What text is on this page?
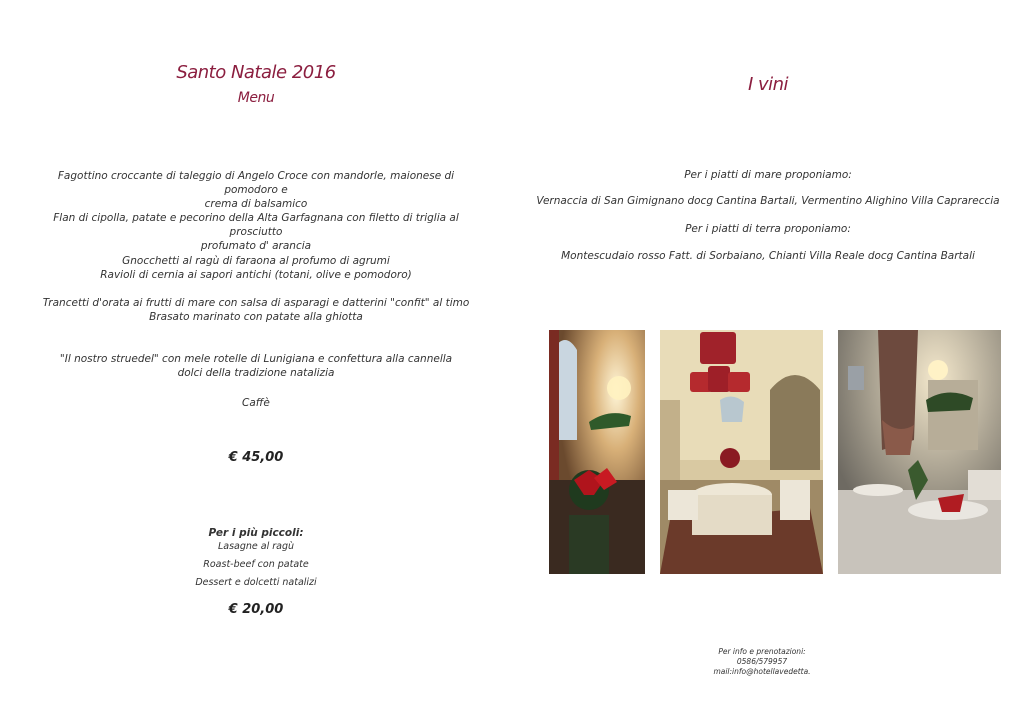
Santo Natale 2016
Menu
Fagottino croccante di taleggio di Angelo Croce con mandorle, maionese di pomodoro e
crema di balsamico
Flan di cipolla, patate e pecorino della Alta Garfagnana con filetto di triglia al prosciutto
profumato d' arancia
Gnocchetti al ragù di faraona al profumo di agrumi
Ravioli di cernia ai sapori antichi (totani, olive e pomodoro)
Trancetti d'orata ai frutti di mare con salsa di asparagi e datterini "confit" al timo
Brasato marinato con patate alla ghiotta
"Il nostro struedel" con mele rotelle di Lunigiana e confettura alla cannella
dolci della tradizione natalizia
Caffè
€ 45,00
Per i più piccoli:
Lasagne al ragù
Roast-beef con patate
Dessert e dolcetti natalizi
€ 20,00
I vini
Per i piatti di mare proponiamo:
Vernaccia di San Gimignano docg Cantina Bartali, Vermentino Alighino Villa Caprareccia
Per i piatti di terra proponiamo:
Montescudaio rosso Fatt. di Sorbaiano, Chianti Villa Reale docg Cantina Bartali
Per info e prenotazioni:
0586/579957
mail:info@hotellavedetta.
